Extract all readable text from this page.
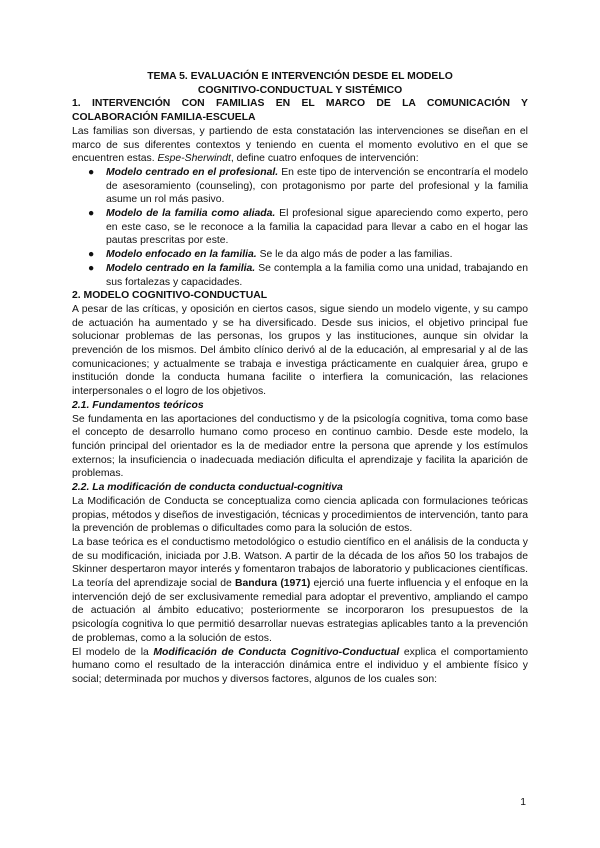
TEMA 5. EVALUACIÓN E INTERVENCIÓN DESDE EL MODELO
COGNITIVO-CONDUCTUAL Y SISTÉMICO

1. INTERVENCIÓN CON FAMILIAS EN EL MARCO DE LA COMUNICACIÓN Y COLABORACIÓN FAMILIA-ESCUELA

Las familias son diversas, y partiendo de esta constatación las intervenciones se diseñan en el marco de sus diferentes contextos y teniendo en cuenta el momento evolutivo en el que se encuentren estas. Espe-Sherwindt, define cuatro enfoques de intervención:

● Modelo centrado en el profesional. En este tipo de intervención se encontraría el modelo de asesoramiento (counseling), con protagonismo por parte del profesional y la familia asume un rol más pasivo.
● Modelo de la familia como aliada. El profesional sigue apareciendo como experto, pero en este caso, se le reconoce a la familia la capacidad para llevar a cabo en el hogar las pautas prescritas por este.
● Modelo enfocado en la familia. Se le da algo más de poder a las familias.
● Modelo centrado en la familia. Se contempla a la familia como una unidad, trabajando en sus fortalezas y capacidades.
2. MODELO COGNITIVO-CONDUCTUAL

A pesar de las críticas, y oposición en ciertos casos, sigue siendo un modelo vigente, y su campo de actuación ha aumentado y se ha diversificado. Desde sus inicios, el objetivo principal fue solucionar problemas de las personas, los grupos y las instituciones, aunque sin olvidar la prevención de los mismos. Del ámbito clínico derivó al de la educación, al empresarial y al de las comunicaciones; y actualmente se trabaja e investiga prácticamente en cualquier área, grupo e institución donde la conducta humana facilite o interfiera la comunicación, las relaciones interpersonales o el logro de los objetivos.

2.1. Fundamentos teóricos

Se fundamenta en las aportaciones del conductismo y de la psicología cognitiva, toma como base el concepto de desarrollo humano como proceso en continuo cambio. Desde este modelo, la función principal del orientador es la de mediador entre la persona que aprende y los estímulos externos; la insuficiencia o inadecuada mediación dificulta el aprendizaje y facilita la aparición de problemas.

2.2. La modificación de conducta conductual-cognitiva

La Modificación de Conducta se conceptualiza como ciencia aplicada con formulaciones teóricas propias, métodos y diseños de investigación, técnicas y procedimientos de intervención, tanto para la prevención de problemas o dificultades como para la solución de estos.

La base teórica es el conductismo metodológico o estudio científico en el análisis de la conducta y de su modificación, iniciada por J.B. Watson. A partir de la década de los años 50 los trabajos de Skinner despertaron mayor interés y fomentaron trabajos de laboratorio y publicaciones científicas. La teoría del aprendizaje social de Bandura (1971) ejerció una fuerte influencia y el enfoque en la intervención dejó de ser exclusivamente remedial para adoptar el preventivo, ampliando el campo de actuación al ámbito educativo; posteriormente se incorporaron los presupuestos de la psicología cognitiva lo que permitió desarrollar nuevas estrategias aplicables tanto a la prevención de problemas, como a la solución de estos.

El modelo de la Modificación de Conducta Cognitivo-Conductual explica el comportamiento humano como el resultado de la interacción dinámica entre el individuo y el ambiente físico y social; determinada por muchos y diversos factores, algunos de los cuales son:

1
